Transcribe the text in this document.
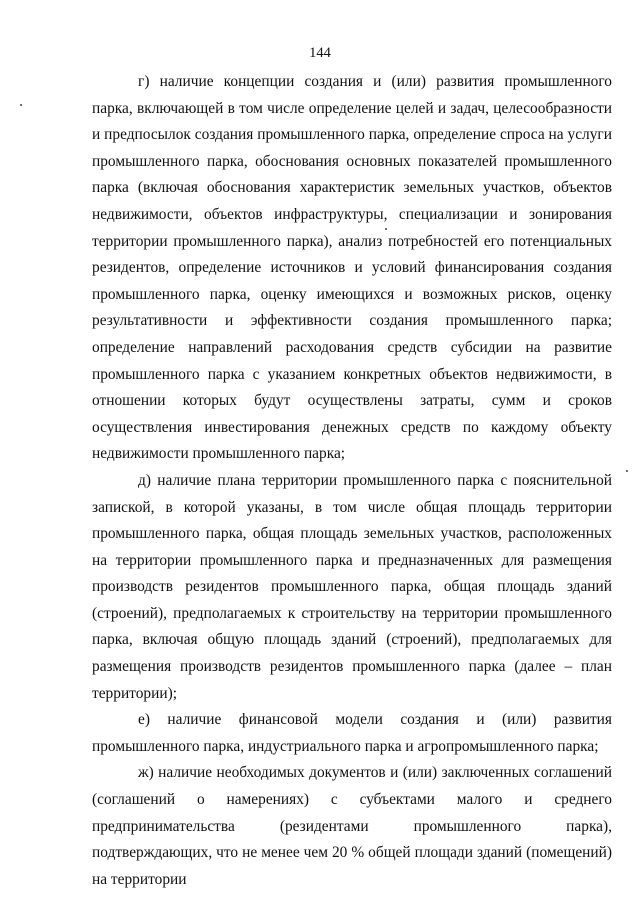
144

г) наличие концепции создания и (или) развития промышленного парка, включающей в том числе определение целей и задач, целесообразности и предпосылок создания промышленного парка, определение спроса на услуги промышленного парка, обоснования основных показателей промышленного парка (включая обоснования характеристик земельных участков, объектов недвижимости, объектов инфраструктуры, специализации и зонирования территории промышленного парка), анализ потребностей его потенциальных резидентов, определение источников и условий финансирования создания промышленного парка, оценку имеющихся и возможных рисков, оценку результативности и эффективности создания промышленного парка; определение направлений расходования средств субсидии на развитие промышленного парка с указанием конкретных объектов недвижимости, в отношении которых будут осуществлены затраты, сумм и сроков осуществления инвестирования денежных средств по каждому объекту недвижимости промышленного парка;

д) наличие плана территории промышленного парка с пояснительной запиской, в которой указаны, в том числе общая площадь территории промышленного парка, общая площадь земельных участков, расположенных на территории промышленного парка и предназначенных для размещения производств резидентов промышленного парка, общая площадь зданий (строений), предполагаемых к строительству на территории промышленного парка, включая общую площадь зданий (строений), предполагаемых для размещения производств резидентов промышленного парка (далее – план территории);

е) наличие финансовой модели создания и (или) развития промышленного парка, индустриального парка и агропромышленного парка;

ж) наличие необходимых документов и (или) заключенных соглашений (соглашений о намерениях) с субъектами малого и среднего предпринимательства (резидентами промышленного парка), подтверждающих, что не менее чем 20 % общей площади зданий (помещений) на территории
